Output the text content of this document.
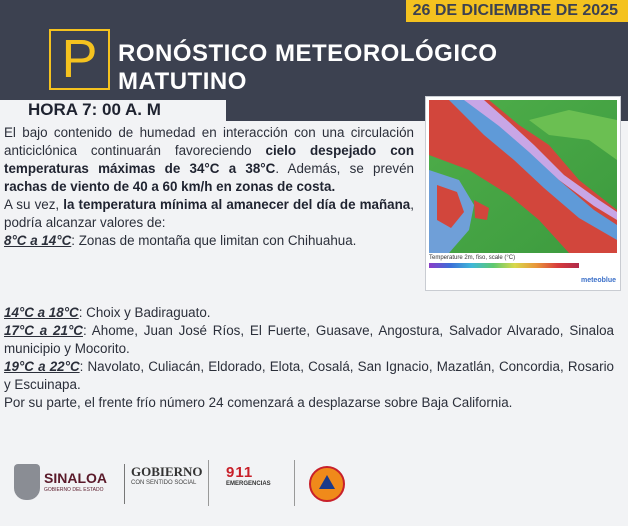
26 DE DICIEMBRE DE 2025
P RONÓSTICO METEOROLÓGICO
MATUTINO
HORA 7: 00 A. M
Temperature 2m, fiso, scale (°C)
meteoblue

El bajo contenido de humedad en interacción con una circulación anticiclónica continuarán favoreciendo cielo despejado con temperaturas máximas de 34°C a 38°C. Además, se prevén rachas de viento de 40 a 60 km/h en zonas de costa.

A su vez, la temperatura mínima al amanecer del día de mañana, podría alcanzar valores de:

8°C a 14°C: Zonas de montaña que limitan con Chihuahua.

14°C a 18°C: Choix y Badiraguato.

17°C a 21°C: Ahome, Juan José Ríos, El Fuerte, Guasave, Angostura, Salvador Alvarado, Sinaloa municipio y Mocorito.

19°C a 22°C: Navolato, Culiacán, Eldorado, Elota, Cosalá, San Ignacio, Mazatlán, Concordia, Rosario y Escuinapa.

Por su parte, el frente frío número 24 comenzará a desplazarse sobre Baja California.

SINALOA
GOBIERNO DEL ESTADO
GOBIERNO
CON SENTIDO SOCIAL
911
EMERGENCIAS
